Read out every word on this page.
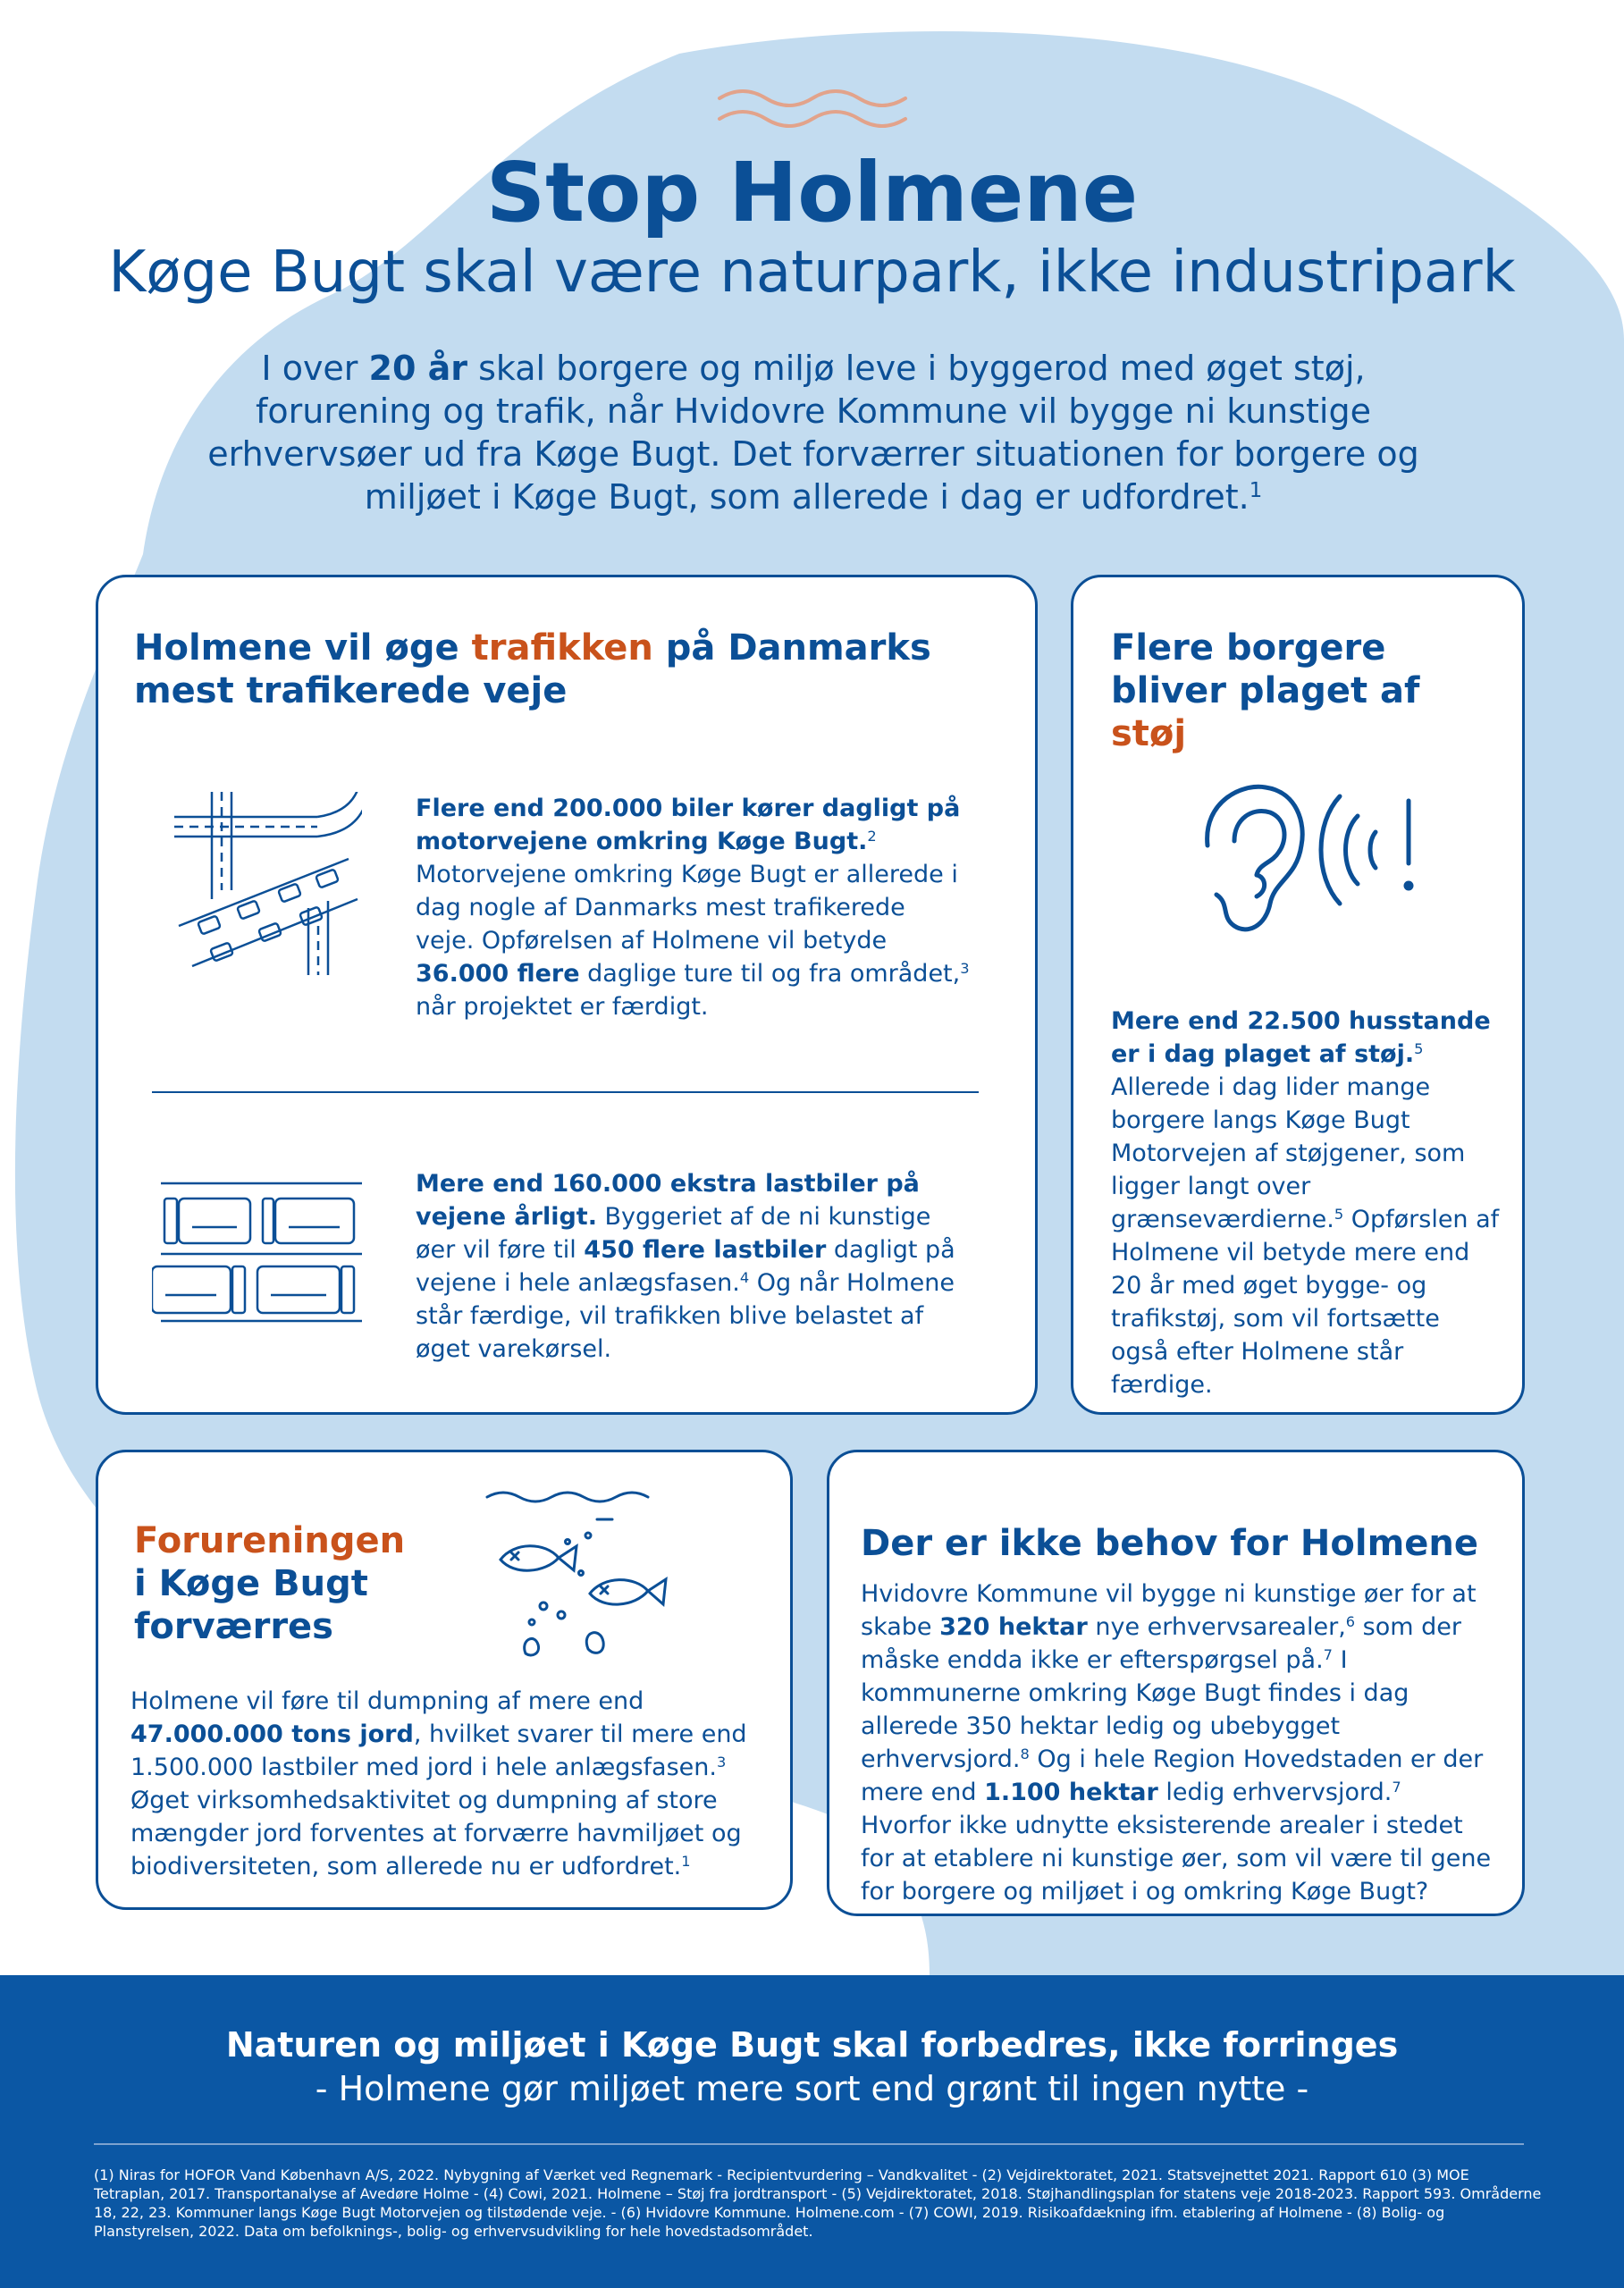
Stop Holmene

Køge Bugt skal være naturpark, ikke industripark

I over 20 år skal borgere og miljø leve i byggerod med øget støj, forurening og trafik, når Hvidovre Kommune vil bygge ni kunstige erhvervsøer ud fra Køge Bugt. Det forværrer situationen for borgere og miljøet i Køge Bugt, som allerede i dag er udfordret.$^1$

Holmene vil øge trafikken på Danmarks mest trafikerede veje

Flere end 200.000 biler kører dagligt på motorvejene omkring Køge Bugt.$^2$ Motorvejene omkring Køge Bugt er allerede i dag nogle af Danmarks mest trafikerede veje. Opførelsen af Holmene vil betyde 36.000 flere daglige ture til og fra området,$^3$ når projektet er færdigt.

Mere end 160.000 ekstra lastbiler på vejene årligt. Byggeriet af de ni kunstige øer vil føre til 450 flere lastbiler dagligt på vejene i hele anlægsfasen.$^4$ Og når Holmene står færdige, vil trafikken blive belastet af øget varekørsel.

Flere borgere bliver plaget af støj

Mere end 22.500 husstande er i dag plaget af støj.$^5$ Allerede i dag lider mange borgere langs Køge Bugt Motorvejen af støjgener, som ligger langt over grænseværdierne.$^5$ Opførslen af Holmene vil betyde mere end 20 år med øget bygge- og trafikstøj, som vil fortsætte også efter Holmene står færdige.

Forureningen
i Køge Bugt
forværres

Holmene vil føre til dumpning af mere end 47.000.000 tons jord, hvilket svarer til mere end 1.500.000 lastbiler med jord i hele anlægsfasen.$^3$ Øget virksomhedsaktivitet og dumpning af store mængder jord forventes at forværre havmiljøet og biodiversiteten, som allerede nu er udfordret.$^1$

Der er ikke behov for Holmene

Hvidovre Kommune vil bygge ni kunstige øer for at skabe 320 hektar nye erhvervsarealer,$^6$ som der måske endda ikke er efterspørgsel på.$^7$ I kommunerne omkring Køge Bugt findes i dag allerede 350 hektar ledig og ubebygget erhvervsjord.$^8$ Og i hele Region Hovedstaden er der mere end 1.100 hektar ledig erhvervsjord.$^7$ Hvorfor ikke udnytte eksisterende arealer i stedet for at etablere ni kunstige øer, som vil være til gene for borgere og miljøet i og omkring Køge Bugt?

Naturen og miljøet i Køge Bugt skal forbedres, ikke forringes

- Holmene gør miljøet mere sort end grønt til ingen nytte -

(1) Niras for HOFOR Vand København A/S, 2022. Nybygning af Værket ved Regnemark - Recipientvurdering – Vandkvalitet - (2) Vejdirektoratet, 2021. Statsvejnettet 2021. Rapport 610 (3) MOE Tetraplan, 2017. Transportanalyse af Avedøre Holme - (4) Cowi, 2021. Holmene – Støj fra jordtransport - (5) Vejdirektoratet, 2018. Støjhandlingsplan for statens veje 2018-2023. Rapport 593. Områderne 18, 22, 23. Kommuner langs Køge Bugt Motorvejen og tilstødende veje. - (6) Hvidovre Kommune. Holmene.com - (7) COWI, 2019. Risikoafdækning ifm. etablering af Holmene - (8) Bolig- og Planstyrelsen, 2022. Data om befolknings-, bolig- og erhvervsudvikling for hele hovedstadsområdet.
